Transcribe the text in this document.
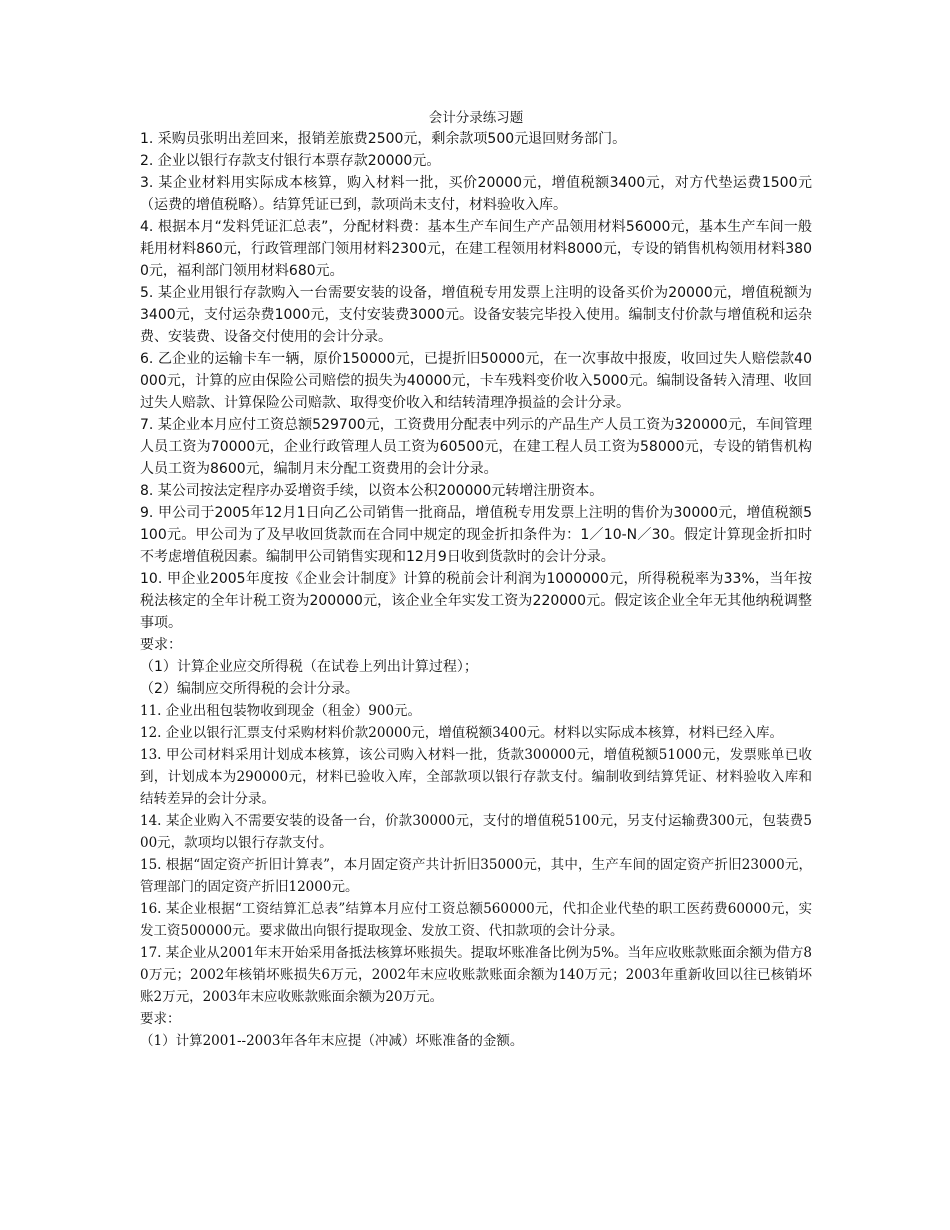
会计分录练习题

1. 采购员张明出差回来，报销差旅费2500元，剩余款项500元退回财务部门。

2. 企业以银行存款支付银行本票存款20000元。

3. 某企业材料用实际成本核算，购入材料一批，买价20000元，增值税额3400元，对方代垫运费1500元（运费的增值税略）。结算凭证已到，款项尚未支付，材料验收入库。

4. 根据本月“发料凭证汇总表”，分配材料费：基本生产车间生产产品领用材料56000元，基本生产车间一般耗用材料860元，行政管理部门领用材料2300元，在建工程领用材料8000元，专设的销售机构领用材料3800元，福利部门领用材料680元。

5. 某企业用银行存款购入一台需要安装的设备，增值税专用发票上注明的设备买价为20000元，增值税额为3400元，支付运杂费1000元，支付安装费3000元。设备安装完毕投入使用。编制支付价款与增值税和运杂费、安装费、设备交付使用的会计分录。

6. 乙企业的运输卡车一辆，原价150000元，已提折旧50000元，在一次事故中报废，收回过失人赔偿款40000元，计算的应由保险公司赔偿的损失为40000元，卡车残料变价收入5000元。编制设备转入清理、收回过失人赔款、计算保险公司赔款、取得变价收入和结转清理净损益的会计分录。

7. 某企业本月应付工资总额529700元，工资费用分配表中列示的产品生产人员工资为320000元，车间管理人员工资为70000元，企业行政管理人员工资为60500元，在建工程人员工资为58000元，专设的销售机构人员工资为8600元，编制月末分配工资费用的会计分录。

8. 某公司按法定程序办妥增资手续，以资本公积200000元转增注册资本。

9. 甲公司于2005年12月1日向乙公司销售一批商品，增值税专用发票上注明的售价为30000元，增值税额5100元。甲公司为了及早收回货款而在合同中规定的现金折扣条件为：1／10-N／30。假定计算现金折扣时不考虑增值税因素。编制甲公司销售实现和12月9日收到货款时的会计分录。

10. 甲企业2005年度按《企业会计制度》计算的税前会计利润为1000000元，所得税税率为33%，当年按税法核定的全年计税工资为200000元，该企业全年实发工资为220000元。假定该企业全年无其他纳税调整事项。

要求：

（1）计算企业应交所得税（在试卷上列出计算过程）；

（2）编制应交所得税的会计分录。

11. 企业出租包装物收到现金（租金）900元。

12. 企业以银行汇票支付采购材料价款20000元，增值税额3400元。材料以实际成本核算，材料已经入库。

13. 甲公司材料采用计划成本核算，该公司购入材料一批，货款300000元，增值税额51000元，发票账单已收到，计划成本为290000元，材料已验收入库，全部款项以银行存款支付。编制收到结算凭证、材料验收入库和结转差异的会计分录。

14. 某企业购入不需要安装的设备一台，价款30000元，支付的增值税5100元，另支付运输费300元，包装费500元，款项均以银行存款支付。

15. 根据“固定资产折旧计算表”，本月固定资产共计折旧35000元，其中，生产车间的固定资产折旧23000元，管理部门的固定资产折旧12000元。

16. 某企业根据“工资结算汇总表”结算本月应付工资总额560000元，代扣企业代垫的职工医药费60000元，实发工资500000元。要求做出向银行提取现金、发放工资、代扣款项的会计分录。

17. 某企业从2001年末开始采用备抵法核算坏账损失。提取坏账准备比例为5%。当年应收账款账面余额为借方80万元；2002年核销坏账损失6万元，2002年末应收账款账面余额为140万元；2003年重新收回以往已核销坏账2万元，2003年末应收账款账面余额为20万元。

要求：

（1）计算2001--2003年各年末应提（冲减）坏账准备的金额。
